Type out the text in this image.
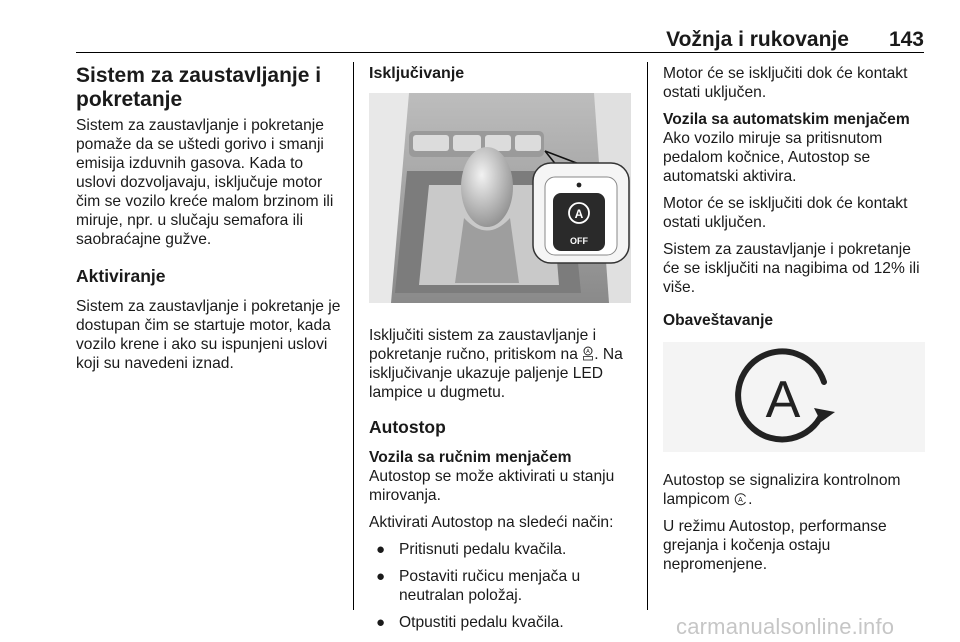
Vožnja i rukovanje 143
Sistem za zaustavljanje i pokretanje

Sistem za zaustavljanje i pokretanje pomaže da se uštedi gorivo i smanji emisija izduvnih gasova. Kada to uslovi dozvoljavaju, isključuje motor čim se vozilo kreće malom brzinom ili miruje, npr. u slučaju semafora ili saobraćajne gužve.

Aktiviranje

Sistem za zaustavljanje i pokretanje je dostupan čim se startuje motor, kada vozilo krene i ako su ispunjeni uslovi koji su navedeni iznad.

Isključivanje
A
OFF

Isključiti sistem za zaustavljanje i pokretanje ručno, pritiskom na A . Na isključivanje ukazuje paljenje LED lampice u dugmetu.

Autostop
Vozila sa ručnim menjačem

Autostop se može aktivirati u stanju mirovanja.

Aktivirati Autostop na sledeći način:

● Pritisnuti pedalu kvačila.
● Postaviti ručicu menjača u neutralan položaj.
● Otpustiti pedalu kvačila.

Motor će se isključiti dok će kontakt ostati uključen.

Vozila sa automatskim menjačem

Ako vozilo miruje sa pritisnutom pedalom kočnice, Autostop se automatski aktivira.

Motor će se isključiti dok će kontakt ostati uključen.

Sistem za zaustavljanje i pokretanje će se isključiti na nagibima od 12% ili više.

Obaveštavanje
A

Autostop se signalizira kontrolnom lampicom A .

U režimu Autostop, performanse grejanja i kočenja ostaju nepromenjene.

carmanualsonline.info
